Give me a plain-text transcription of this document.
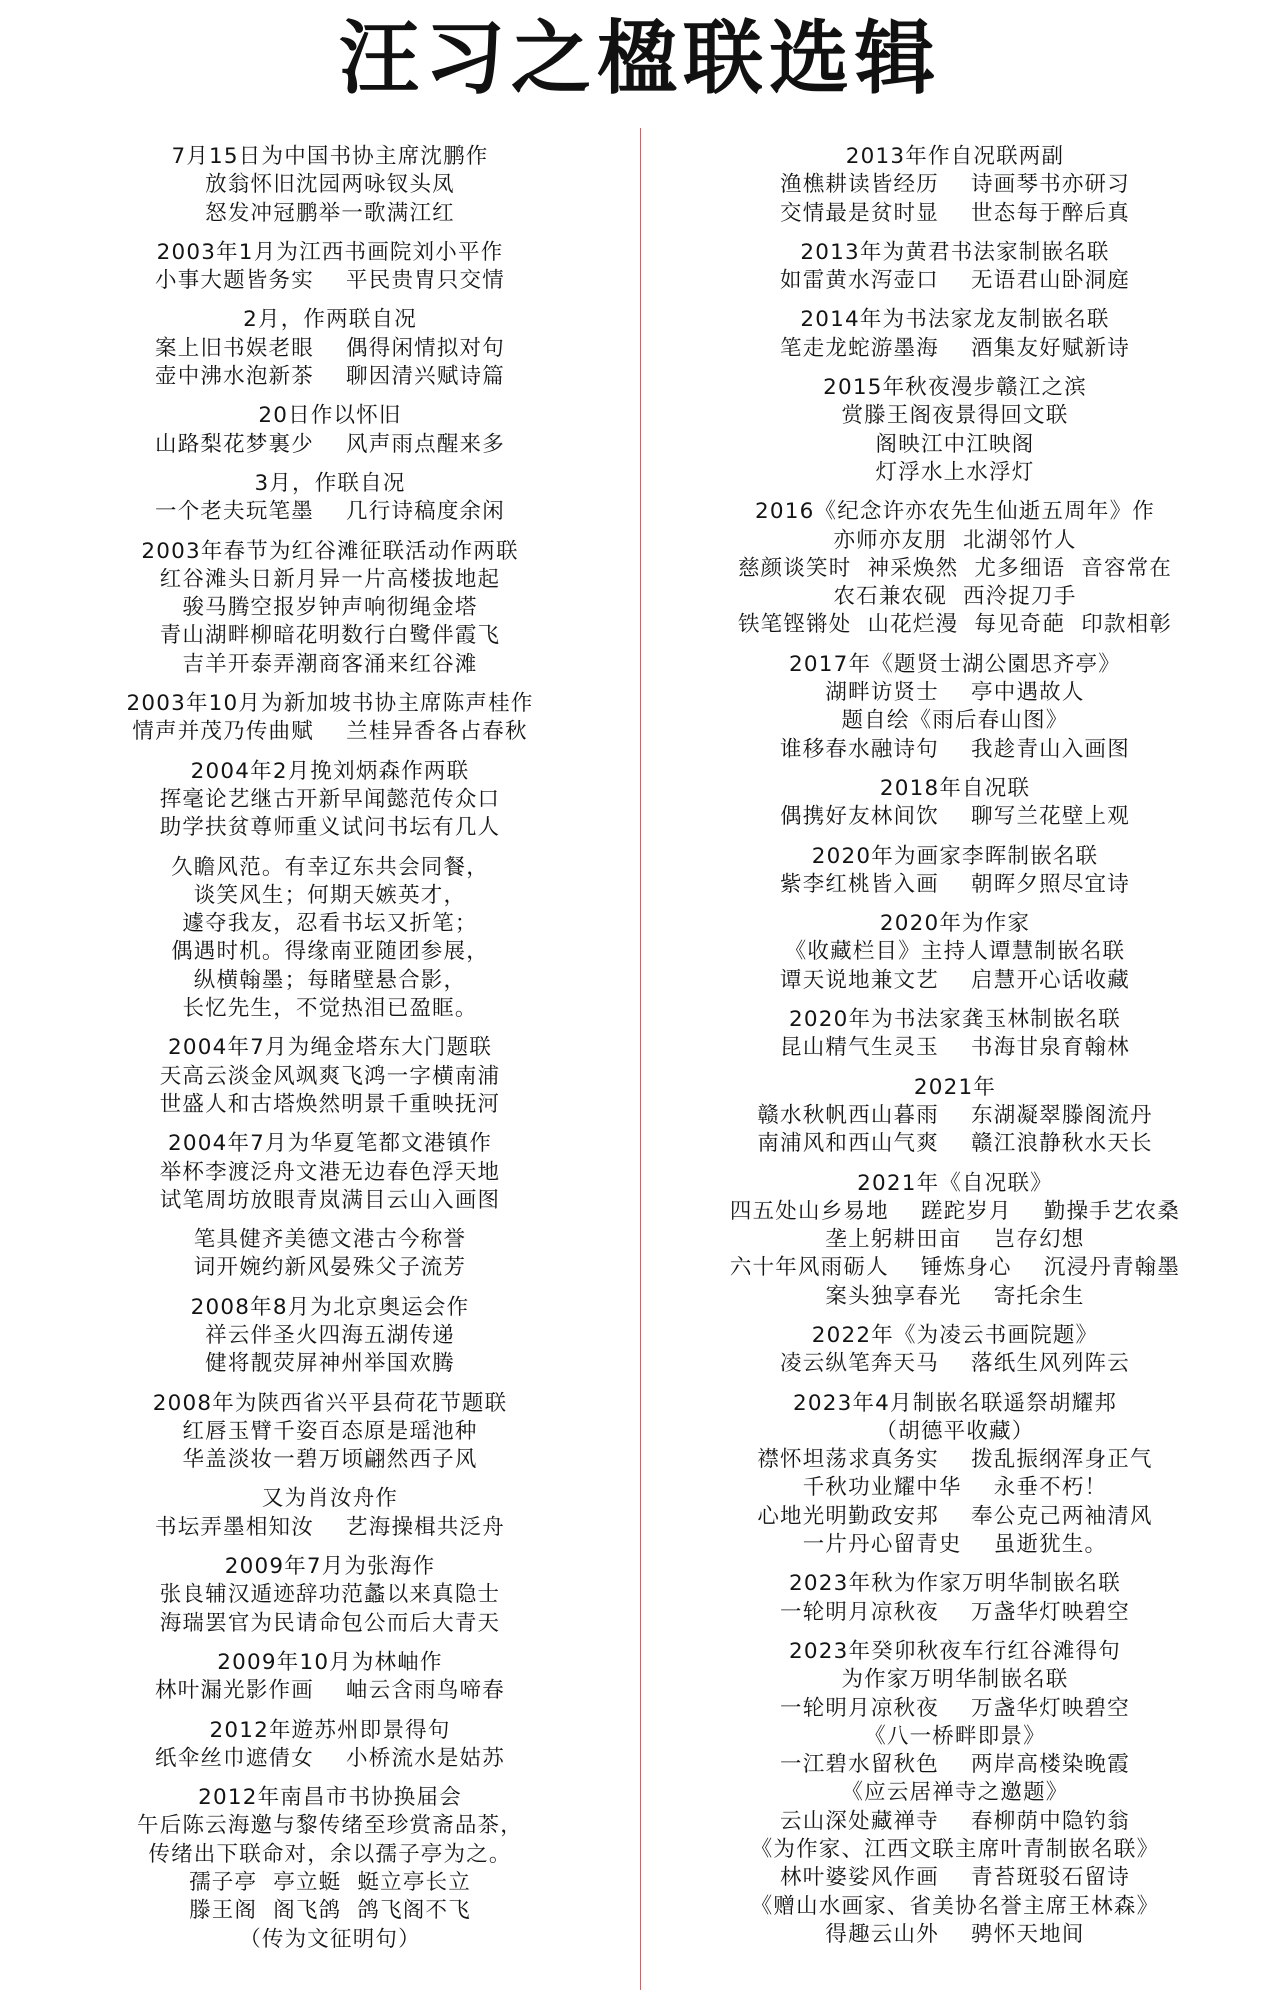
汪习之楹联选辑
7月15日为中国书协主席沈鹏作
放翁怀旧沈园两咏钗头凤
怒发冲冠鹏举一歌满江红
2003年1月为江西书画院刘小平作
小事大题皆务实    平民贵胄只交情
2月，作两联自况
案上旧书娱老眼    偶得闲情拟对句
壶中沸水泡新茶    聊因清兴赋诗篇
20日作以怀旧
山路梨花梦裏少    风声雨点醒来多
3月，作联自况
一个老夫玩笔墨    几行诗稿度余闲
2003年春节为红谷滩征联活动作两联
红谷滩头日新月异一片高楼拔地起
骏马腾空报岁钟声响彻绳金塔
青山湖畔柳暗花明数行白鹭伴霞飞
吉羊开泰弄潮商客涌来红谷滩
2003年10月为新加坡书协主席陈声桂作
情声并茂乃传曲赋    兰桂异香各占春秋
2004年2月挽刘炳森作两联
挥毫论艺继古开新早闻懿范传众口
助学扶贫尊师重义试问书坛有几人
久瞻风范。有幸辽东共会同餐，
谈笑风生；何期天嫉英才，
遽夺我友，忍看书坛又折笔；
偶遇时机。得缘南亚随团参展，
纵横翰墨；每睹壁悬合影，
长忆先生，不觉热泪已盈眶。
2004年7月为绳金塔东大门题联
天高云淡金风飒爽飞鸿一字横南浦
世盛人和古塔焕然明景千重映抚河
2004年7月为华夏笔都文港镇作
举杯李渡泛舟文港无边春色浮天地
试笔周坊放眼青岚满目云山入画图
笔具健齐美德文港古今称誉
词开婉约新风晏殊父子流芳
2008年8月为北京奥运会作
祥云伴圣火四海五湖传递
健将靓荧屏神州举国欢腾
2008年为陕西省兴平县荷花节题联
红唇玉臂千姿百态原是瑶池种
华盖淡妆一碧万顷翩然西子风
又为肖汝舟作
书坛弄墨相知汝    艺海操楫共泛舟
2009年7月为张海作
张良辅汉遁迹辞功范蠡以来真隐士
海瑞罢官为民请命包公而后大青天
2009年10月为林岫作
林叶漏光影作画    岫云含雨鸟啼春
2012年遊苏州即景得句
纸伞丝巾遮倩女    小桥流水是姑苏
2012年南昌市书协换届会
午后陈云海邀与黎传绪至珍赏斋品茶，
传绪出下联命对，余以孺子亭为之。
孺子亭  亭立蜓  蜓立亭长立
滕王阁  阁飞鸽  鸽飞阁不飞
（传为文征明句）
2013年作自况联两副
渔樵耕读皆经历    诗画琴书亦研习
交情最是贫时显    世态每于醉后真
2013年为黄君书法家制嵌名联
如雷黄水泻壶口    无语君山卧洞庭
2014年为书法家龙友制嵌名联
笔走龙蛇游墨海    酒集友好赋新诗
2015年秋夜漫步赣江之滨
赏滕王阁夜景得回文联
阁映江中江映阁
灯浮水上水浮灯
2016《纪念许亦农先生仙逝五周年》作
亦师亦友朋  北湖邻竹人
慈颜谈笑时  神采焕然  尤多细语  音容常在
农石兼农砚  西泠捉刀手
铁笔铿锵处  山花烂漫  每见奇葩  印款相彰
2017年《题贤士湖公園思齐亭》
湖畔访贤士    亭中遇故人
题自绘《雨后春山图》
谁移春水融诗句    我趁青山入画图
2018年自况联
偶携好友林间饮    聊写兰花壁上观
2020年为画家李晖制嵌名联
紫李红桃皆入画    朝晖夕照尽宜诗
2020年为作家
《收藏栏目》主持人谭慧制嵌名联
谭天说地兼文艺    启慧开心话收藏
2020年为书法家龚玉林制嵌名联
昆山精气生灵玉    书海甘泉育翰林
2021年
赣水秋帆西山暮雨    东湖凝翠滕阁流丹
南浦风和西山气爽    赣江浪静秋水天长
2021年《自况联》
四五处山乡易地    蹉跎岁月    勤操手艺农桑
垄上躬耕田亩    岂存幻想
六十年风雨砺人    锤炼身心    沉浸丹青翰墨
案头独享春光    寄托余生
2022年《为凌云书画院题》
凌云纵笔奔天马    落纸生风列阵云
2023年4月制嵌名联遥祭胡耀邦
（胡德平收藏）
襟怀坦荡求真务实    拨乱振纲浑身正气
千秋功业耀中华    永垂不朽！
心地光明勤政安邦    奉公克己两袖清风
一片丹心留青史    虽逝犹生。
2023年秋为作家万明华制嵌名联
一轮明月凉秋夜    万盏华灯映碧空
2023年癸卯秋夜车行红谷滩得句
为作家万明华制嵌名联
一轮明月凉秋夜    万盏华灯映碧空
《八一桥畔即景》
一江碧水留秋色    两岸高楼染晚霞
《应云居禅寺之邀题》
云山深处藏禅寺    春柳荫中隐钓翁
《为作家、江西文联主席叶青制嵌名联》
林叶婆娑风作画    青苔斑驳石留诗
《赠山水画家、省美协名誉主席王林森》
得趣云山外    骋怀天地间
